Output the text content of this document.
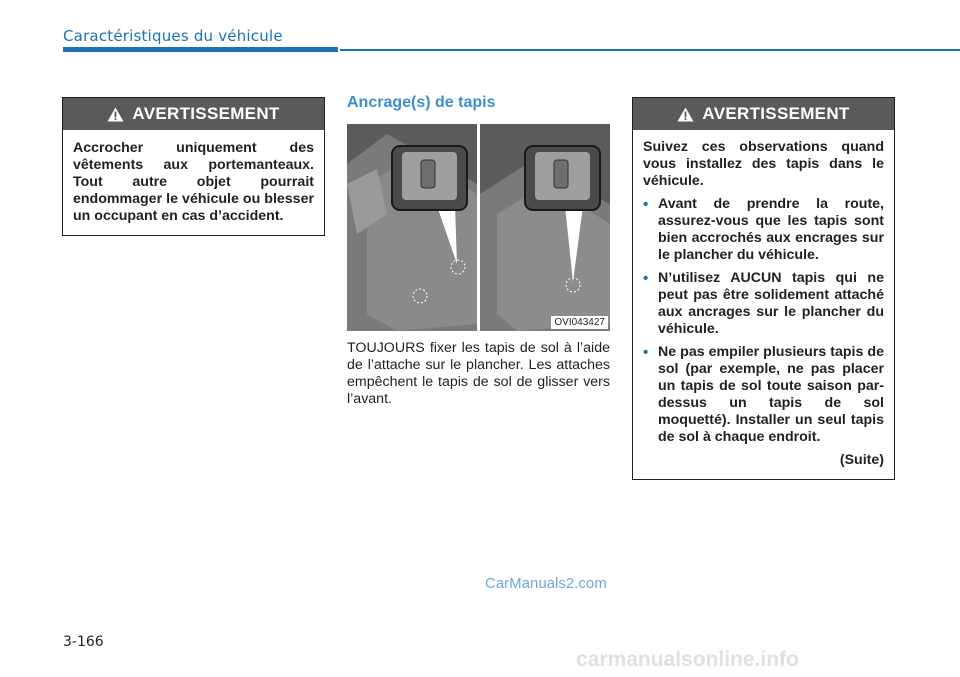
Caractéristiques du véhicule
AVERTISSEMENT

Accrocher uniquement des vêtements aux portemanteaux. Tout autre objet pourrait endommager le véhicule ou blesser un occupant en cas d’accident.

Ancrage(s) de tapis
OVI043427

TOUJOURS fixer les tapis de sol à l’aide de l’attache sur le plancher. Les attaches empêchent le tapis de sol de glisser vers l’avant.

AVERTISSEMENT

Suivez ces observations quand vous installez des tapis dans le véhicule.

• Avant de prendre la route, assurez-vous que les tapis sont bien accrochés aux encrages sur le plancher du véhicule.
• N’utilisez AUCUN tapis qui ne peut pas être solidement attaché aux ancrages sur le plancher du véhicule.
• Ne pas empiler plusieurs tapis de sol (par exemple, ne pas placer un tapis de sol toute saison par-dessus un tapis de sol moquetté). Installer un seul tapis de sol à chaque endroit.

(Suite)

CarManuals2.com
3-166
carmanualsonline.info
